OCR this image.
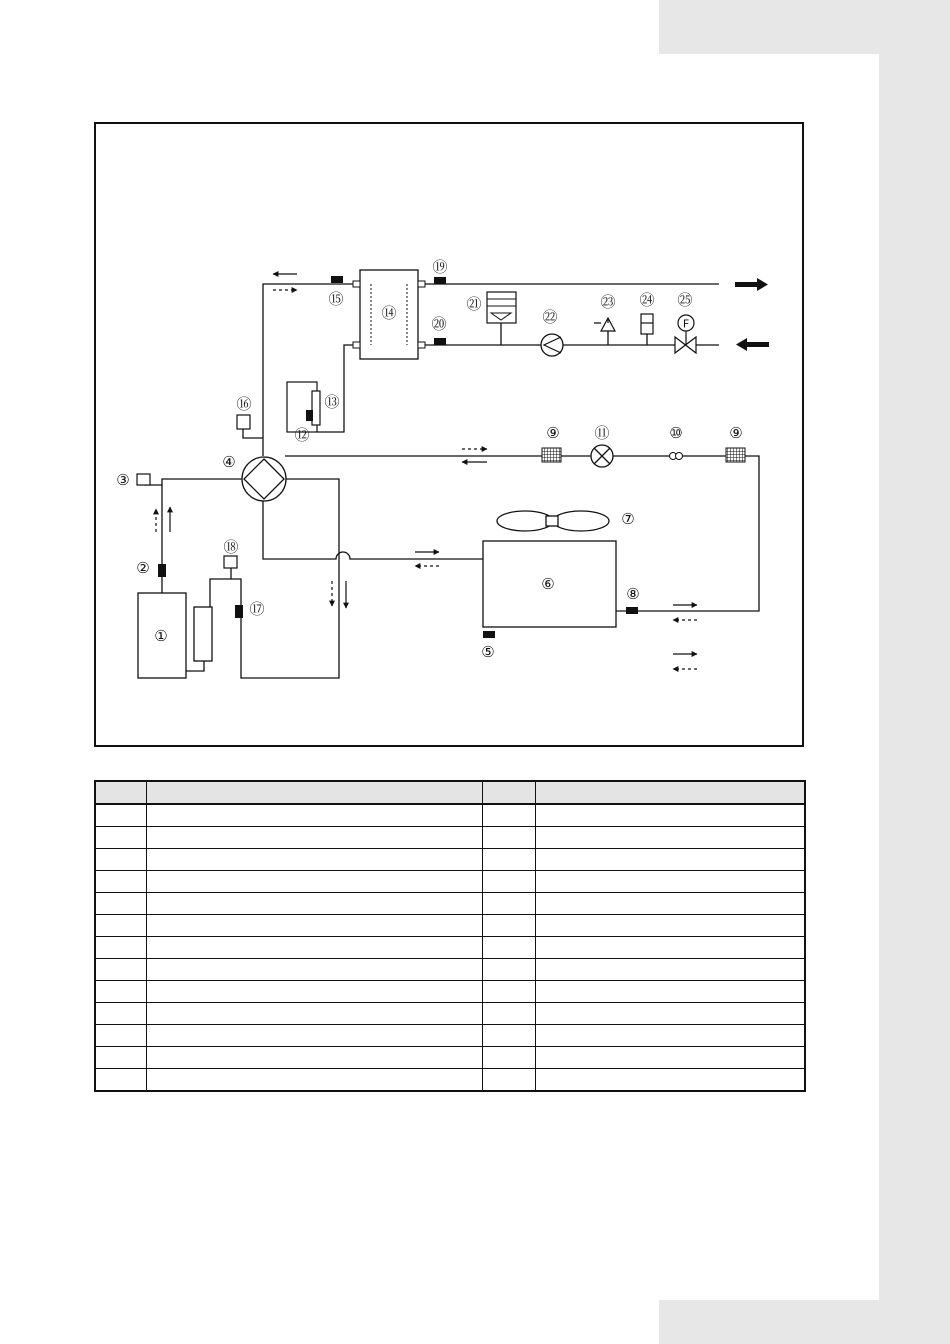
F
①
②
③
④
⑤
⑥
⑦
⑧
⑨	⑨
⑩
⑪
⑫
⑬
⑭
⑮
⑯
⑰
⑱
⑲
⑳
㉑
㉒
㉓ ㉔ ㉕
